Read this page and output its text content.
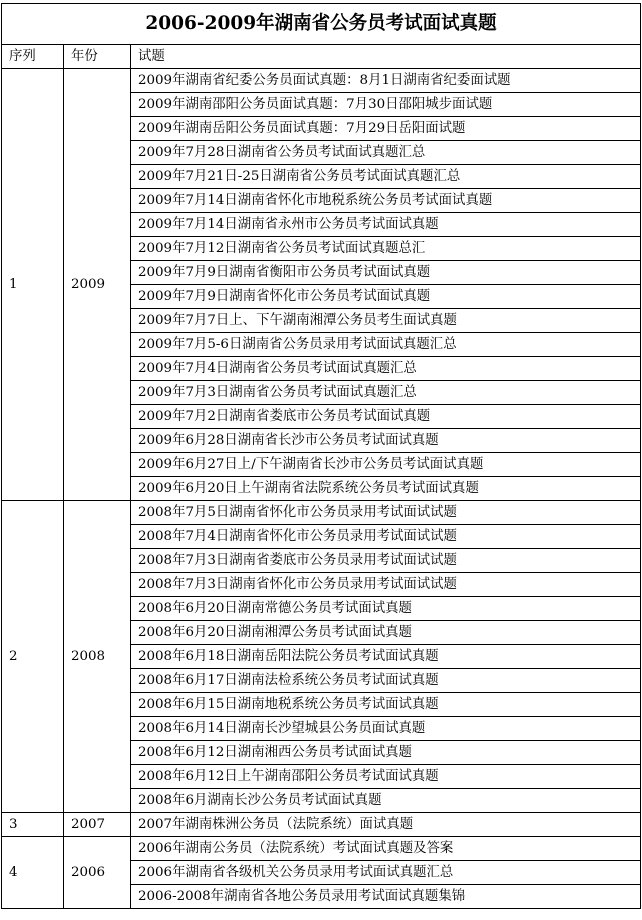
2006-2009年湖南省公务员考试面试真题		
序列	年份	试题
1	2009	2009年湖南省纪委公务员面试真题：8月1日湖南省纪委面试题
		2009年湖南邵阳公务员面试真题：7月30日邵阳城步面试题
		2009年湖南岳阳公务员面试真题：7月29日岳阳面试题
		2009年7月28日湖南省公务员考试面试真题汇总
		2009年7月21日-25日湖南省公务员考试面试真题汇总
		2009年7月14日湖南省怀化市地税系统公务员考试面试真题
		2009年7月14日湖南省永州市公务员考试面试真题
		2009年7月12日湖南省公务员考试面试真题总汇
		2009年7月9日湖南省衡阳市公务员考试面试真题
		2009年7月9日湖南省怀化市公务员考试面试真题
		2009年7月7日上、下午湖南湘潭公务员考生面试真题
		2009年7月5-6日湖南省公务员录用考试面试真题汇总
		2009年7月4日湖南省公务员考试面试真题汇总
		2009年7月3日湖南省公务员考试面试真题汇总
		2009年7月2日湖南省娄底市公务员考试面试真题
		2009年6月28日湖南省长沙市公务员考试面试真题
		2009年6月27日上/下午湖南省长沙市公务员考试面试真题
		2009年6月20日上午湖南省法院系统公务员考试面试真题
2	2008	2008年7月5日湖南省怀化市公务员录用考试面试试题
		2008年7月4日湖南省怀化市公务员录用考试面试试题
		2008年7月3日湖南省娄底市公务员录用考试面试试题
		2008年7月3日湖南省怀化市公务员录用考试面试试题
		2008年6月20日湖南常德公务员考试面试真题
		2008年6月20日湖南湘潭公务员考试面试真题
		2008年6月18日湖南岳阳法院公务员考试面试真题
		2008年6月17日湖南法检系统公务员考试面试真题
		2008年6月15日湖南地税系统公务员考试面试真题
		2008年6月14日湖南长沙望城县公务员面试真题
		2008年6月12日湖南湘西公务员考试面试真题
		2008年6月12日上午湖南邵阳公务员考试面试真题
		2008年6月湖南长沙公务员考试面试真题
3	2007	2007年湖南株洲公务员（法院系统）面试真题
4	2006	2006年湖南公务员（法院系统）考试面试真题及答案
		2006年湖南省各级机关公务员录用考试面试真题汇总
		2006-2008年湖南省各地公务员录用考试面试真题集锦
